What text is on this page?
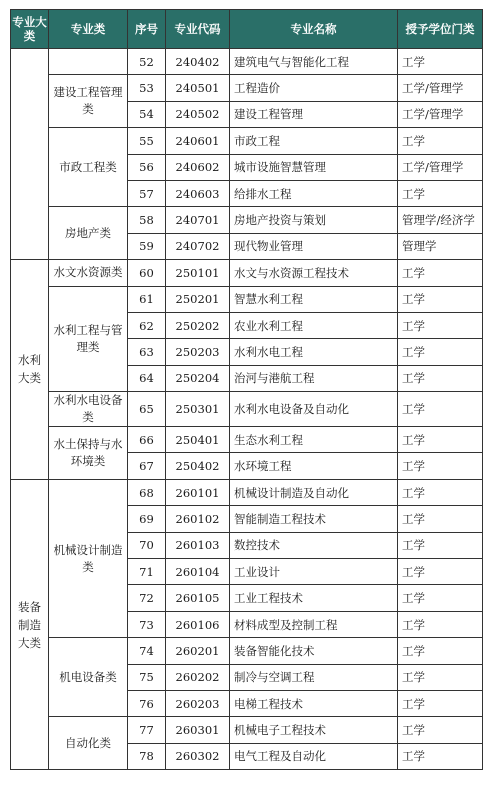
专业大类	专业类	序号	专业代码	专业名称	授予学位门类
		52	240402	建筑电气与智能化工程	工学
	建设工程管理类	53	240501	工程造价	工学/管理学
		54	240502	建设工程管理	工学/管理学
	市政工程类	55	240601	市政工程	工学
		56	240602	城市设施智慧管理	工学/管理学
		57	240603	给排水工程	工学
	房地产类	58	240701	房地产投资与策划	管理学/经济学
		59	240702	现代物业管理	管理学
水利大类	水文水资源类	60	250101	水文与水资源工程技术	工学
	水利工程与管理类	61	250201	智慧水利工程	工学
		62	250202	农业水利工程	工学
		63	250203	水利水电工程	工学
		64	250204	治河与港航工程	工学
	水利水电设备类	65	250301	水利水电设备及自动化	工学
	水土保持与水环境类	66	250401	生态水利工程	工学
		67	250402	水环境工程	工学
装备制造大类	机械设计制造类	68	260101	机械设计制造及自动化	工学
		69	260102	智能制造工程技术	工学
		70	260103	数控技术	工学
		71	260104	工业设计	工学
		72	260105	工业工程技术	工学
		73	260106	材料成型及控制工程	工学
	机电设备类	74	260201	装备智能化技术	工学
		75	260202	制冷与空调工程	工学
		76	260203	电梯工程技术	工学
	自动化类	77	260301	机械电子工程技术	工学
		78	260302	电气工程及自动化	工学
